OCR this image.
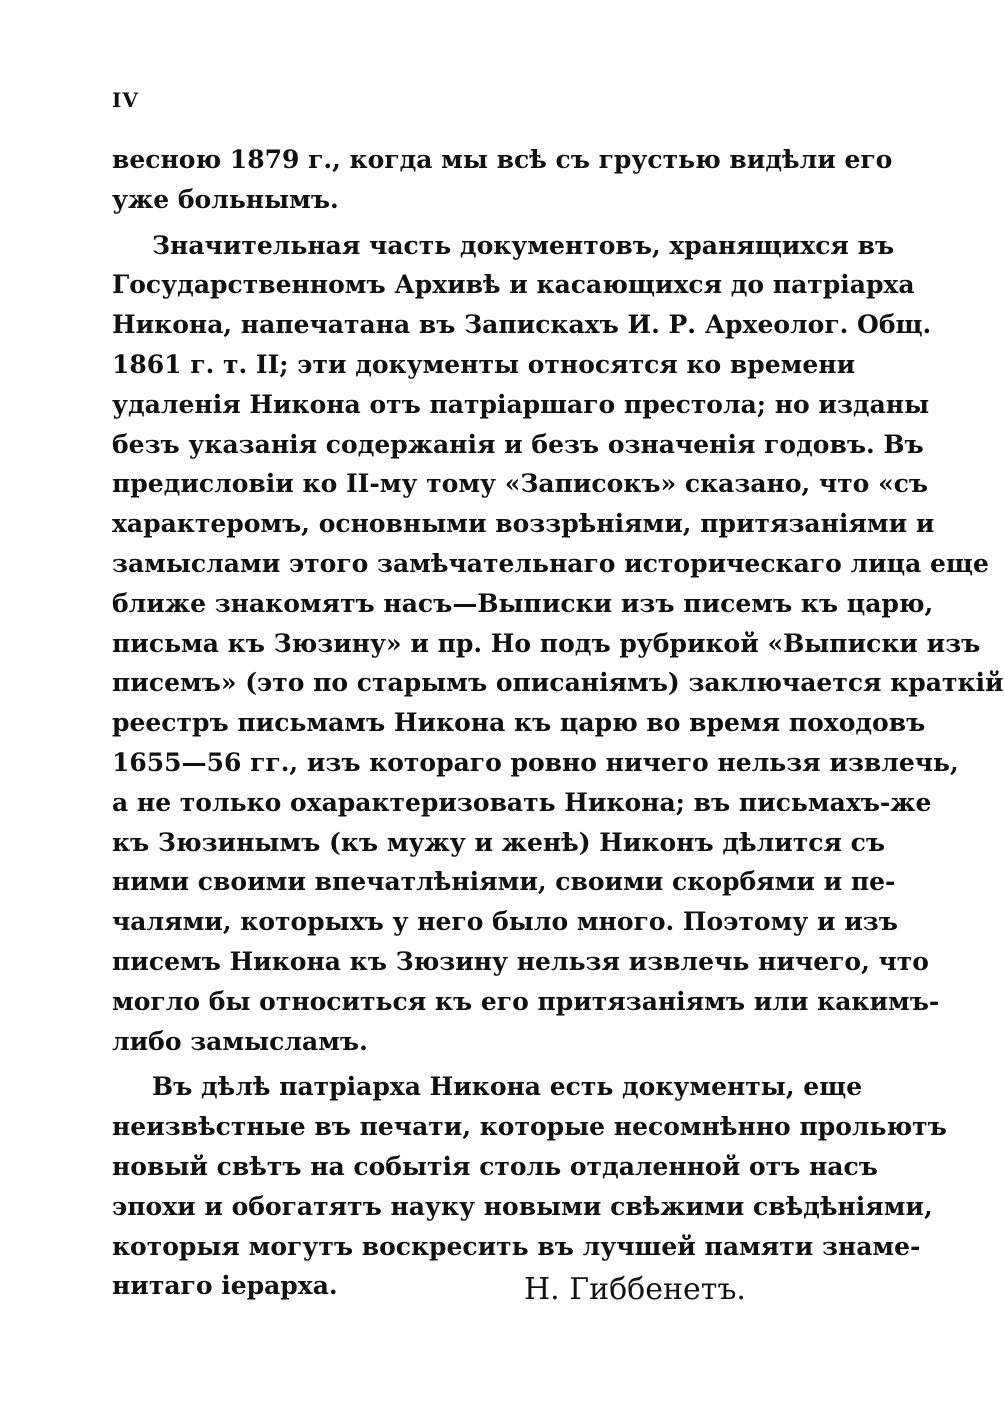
IV
весною 1879 г., когда мы всѣ съ грустью видѣли его
уже больнымъ.
Значительная часть документовъ, хранящихся въ
Государственномъ Архивѣ и касающихся до патріарха
Никона, напечатана въ Запискахъ И. Р. Археолог. Общ.
1861 г. т. II; эти документы относятся ко времени
удаленія Никона отъ патріаршаго престола; но изданы
безъ указанія содержанія и безъ означенія годовъ. Въ
предисловіи ко II-му тому «Записокъ» сказано, что «съ
характеромъ, основными воззрѣніями, притязаніями и
замыслами этого замѣчательнаго историческаго лица еще
ближе знакомятъ насъ—Выписки изъ писемъ къ царю,
письма къ Зюзину» и пр. Но подъ рубрикой «Выписки изъ
писемъ» (это по старымъ описаніямъ) заключается краткій
реестръ письмамъ Никона къ царю во время походовъ
1655—56 гг., изъ котораго ровно ничего нельзя извлечь,
а не только охарактеризовать Никона; въ письмахъ-же
къ Зюзинымъ (къ мужу и женѣ) Никонъ дѣлится съ
ними своими впечатлѣніями, своими скорбями и пе-
чалями, которыхъ у него было много. Поэтому и изъ
писемъ Никона къ Зюзину нельзя извлечь ничего, что
могло бы относиться къ его притязаніямъ или какимъ-
либо замысламъ.
Въ дѣлѣ патріарха Никона есть документы, еще
неизвѣстные въ печати, которые несомнѣнно прольютъ
новый свѣтъ на событія столь отдаленной отъ насъ
эпохи и обогатятъ науку новыми свѣжими свѣдѣніями,
которыя могутъ воскресить въ лучшей памяти знаме-
нитаго іерарха.	Н. Гиббенетъ.
